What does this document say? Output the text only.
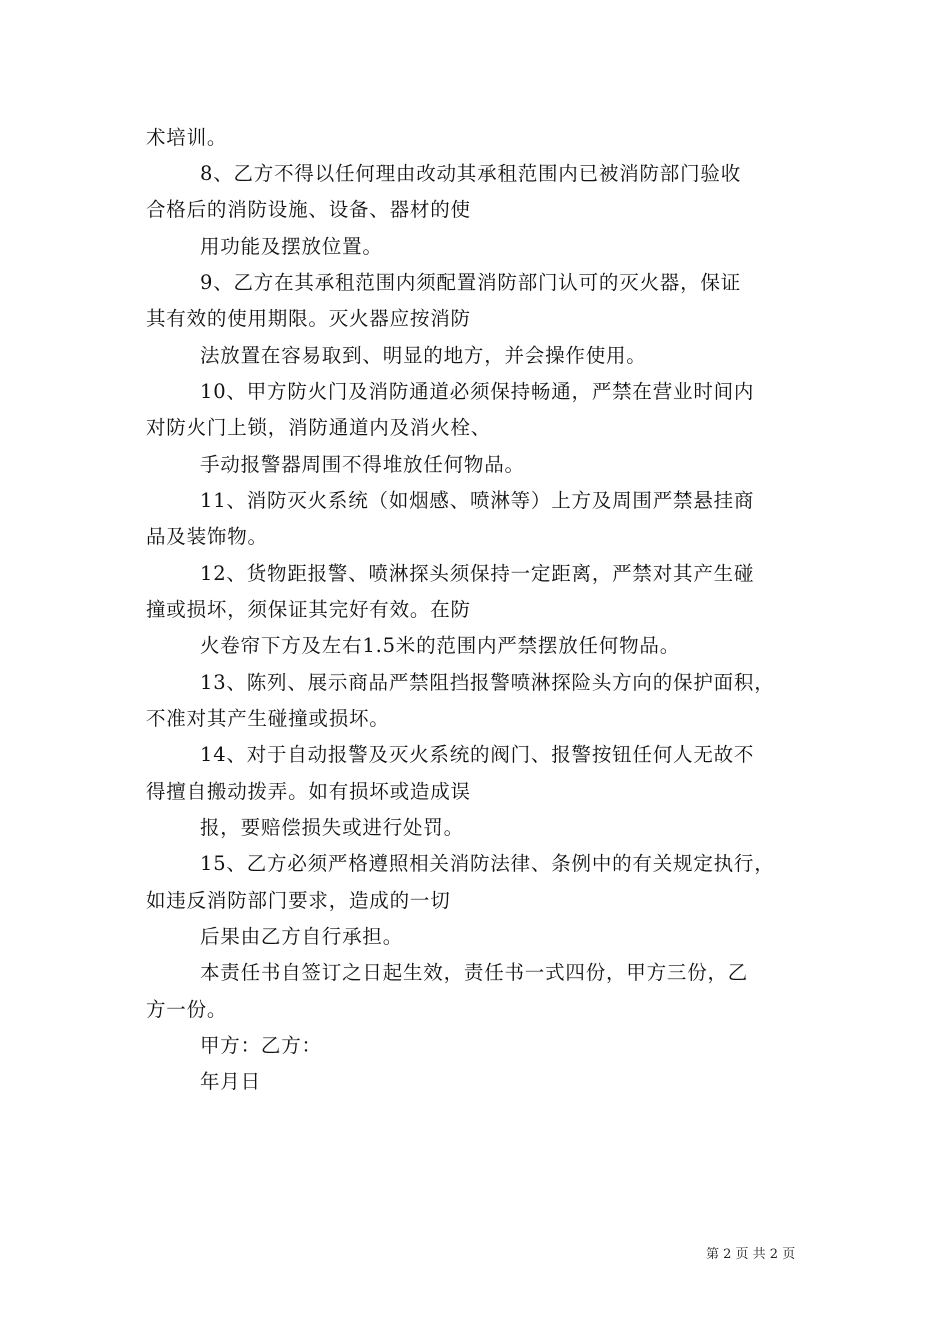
术培训。
8、乙方不得以任何理由改动其承租范围内已被消防部门验收
合格后的消防设施、设备、器材的使
用功能及摆放位置。
9、乙方在其承租范围内须配置消防部门认可的灭火器，保证
其有效的使用期限。灭火器应按消防
法放置在容易取到、明显的地方，并会操作使用。
10、甲方防火门及消防通道必须保持畅通，严禁在营业时间内
对防火门上锁，消防通道内及消火栓、
手动报警器周围不得堆放任何物品。
11、消防灭火系统（如烟感、喷淋等）上方及周围严禁悬挂商
品及装饰物。
12、货物距报警、喷淋探头须保持一定距离，严禁对其产生碰
撞或损坏，须保证其完好有效。在防
火卷帘下方及左右1.5米的范围内严禁摆放任何物品。
13、陈列、展示商品严禁阻挡报警喷淋探险头方向的保护面积，
不准对其产生碰撞或损坏。
14、对于自动报警及灭火系统的阀门、报警按钮任何人无故不
得擅自搬动拨弄。如有损坏或造成误
报，要赔偿损失或进行处罚。
15、乙方必须严格遵照相关消防法律、条例中的有关规定执行，
如违反消防部门要求，造成的一切
后果由乙方自行承担。
本责任书自签订之日起生效，责任书一式四份，甲方三份，乙
方一份。
甲方：乙方：
年月日
第 2 页 共 2 页
